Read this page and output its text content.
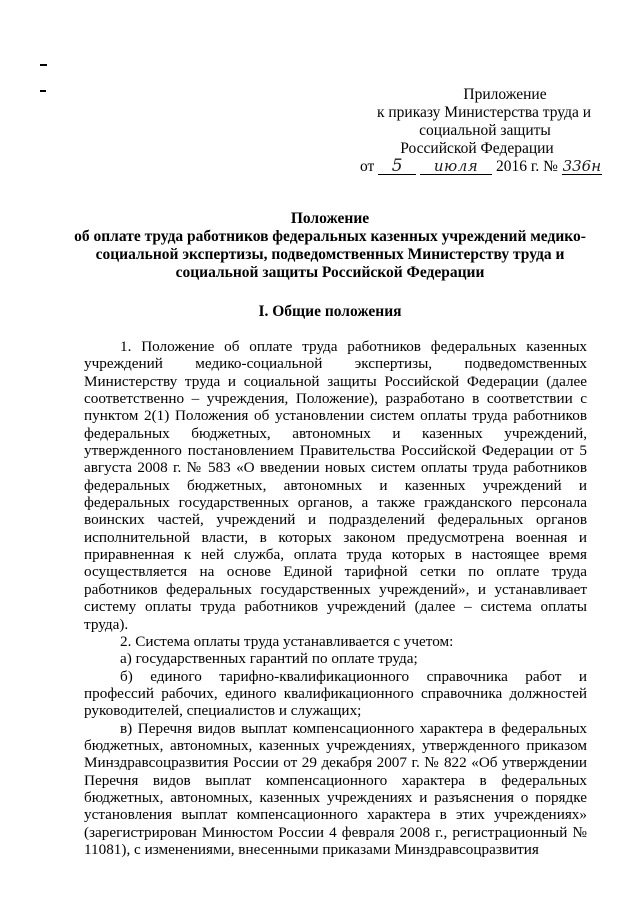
Приложение
к приказу Министерства труда и
социальной защиты
Российской Федерации
от 5 июля 2016 г. № 336н
Положение
об оплате труда работников федеральных казенных учреждений медико-
социальной экспертизы, подведомственных Министерству труда и
социальной защиты Российской Федерации
I. Общие положения

1. Положение об оплате труда работников федеральных казенных учреждений медико-социальной экспертизы, подведомственных Министерству труда и социальной защиты Российской Федерации (далее соответственно – учреждения, Положение), разработано в соответствии с пунктом 2(1) Положения об установлении систем оплаты труда работников федеральных бюджетных, автономных и казенных учреждений, утвержденного постановлением Правительства Российской Федерации от 5 августа 2008 г. № 583 «О введении новых систем оплаты труда работников федеральных бюджетных, автономных и казенных учреждений и федеральных государственных органов, а также гражданского персонала воинских частей, учреждений и подразделений федеральных органов исполнительной власти, в которых законом предусмотрена военная и приравненная к ней служба, оплата труда которых в настоящее время осуществляется на основе Единой тарифной сетки по оплате труда работников федеральных государственных учреждений», и устанавливает систему оплаты труда работников учреждений (далее – система оплаты труда).

2. Система оплаты труда устанавливается с учетом:

а) государственных гарантий по оплате труда;

б) единого тарифно-квалификационного справочника работ и профессий рабочих, единого квалификационного справочника должностей руководителей, специалистов и служащих;

в) Перечня видов выплат компенсационного характера в федеральных бюджетных, автономных, казенных учреждениях, утвержденного приказом Минздравсоцразвития России от 29 декабря 2007 г. № 822 «Об утверждении Перечня видов выплат компенсационного характера в федеральных бюджетных, автономных, казенных учреждениях и разъяснения о порядке установления выплат компенсационного характера в этих учреждениях» (зарегистрирован Минюстом России 4 февраля 2008 г., регистрационный № 11081), с изменениями, внесенными приказами Минздравсоцразвития
